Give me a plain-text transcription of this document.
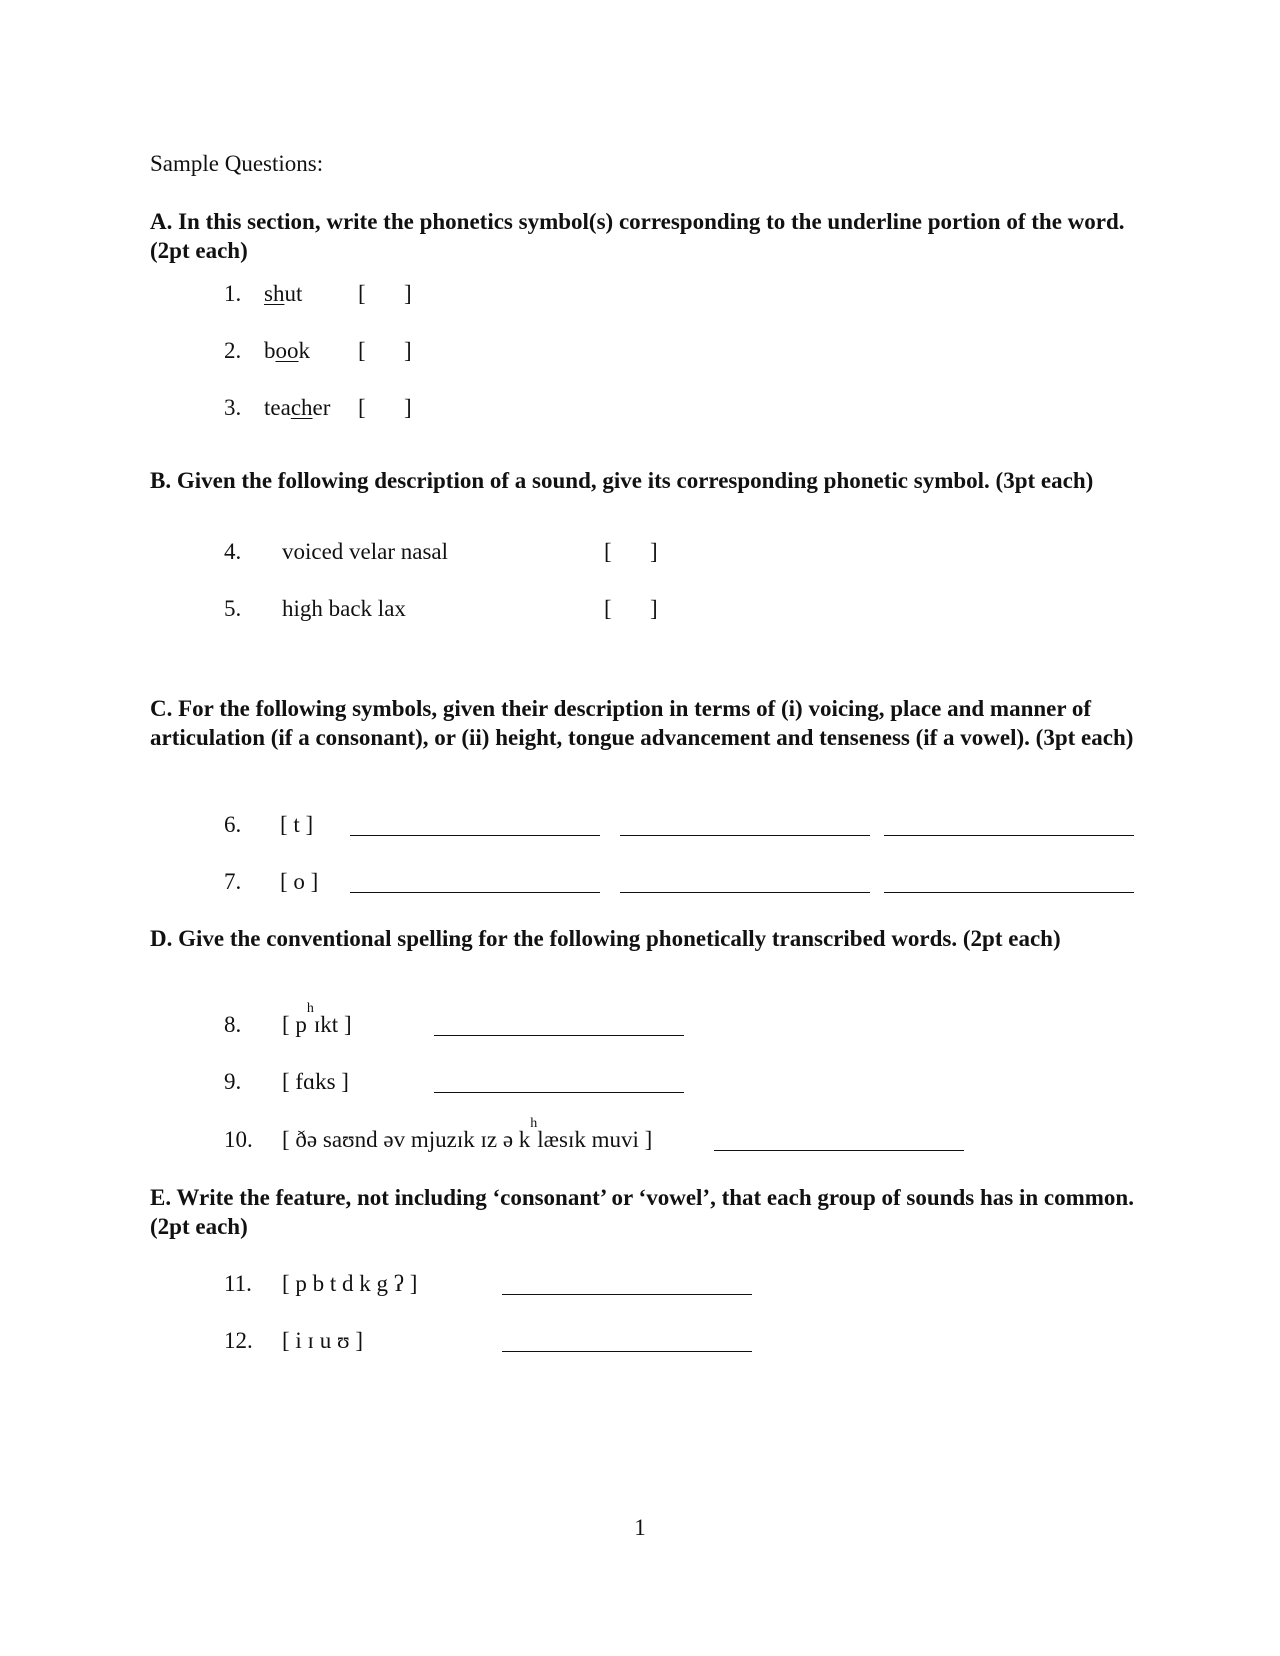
Sample Questions:

A. In this section, write the phonetics symbol(s) corresponding to the underline portion of the word. (2pt each)

1. shut [ ]
2. book [ ]
3. teacher [ ]

B. Given the following description of a sound, give its corresponding phonetic symbol. (3pt each)

4. voiced velar nasal	[ ]
5. high back lax	[ ]

C. For the following symbols, given their description in terms of (i) voicing, place and manner of articulation (if a consonant), or (ii) height, tongue advancement and tenseness (if a vowel). (3pt each)

6. [ t ]
7. [ o ]

D. Give the conventional spelling for the following phonetically transcribed words. (2pt each)

8. [ $p^hɪkt$ ]
9. [ fɑks ]
10. [ ðə saʊnd əv mjuzɪk ɪz ə $k^hlæsɪk$ muvi ]

E. Write the feature, not including ‘consonant’ or ‘vowel’, that each group of sounds has in common. (2pt each)

11. [ p b t d k g ʔ ]
12. [ i ɪ u ʊ ]
1
